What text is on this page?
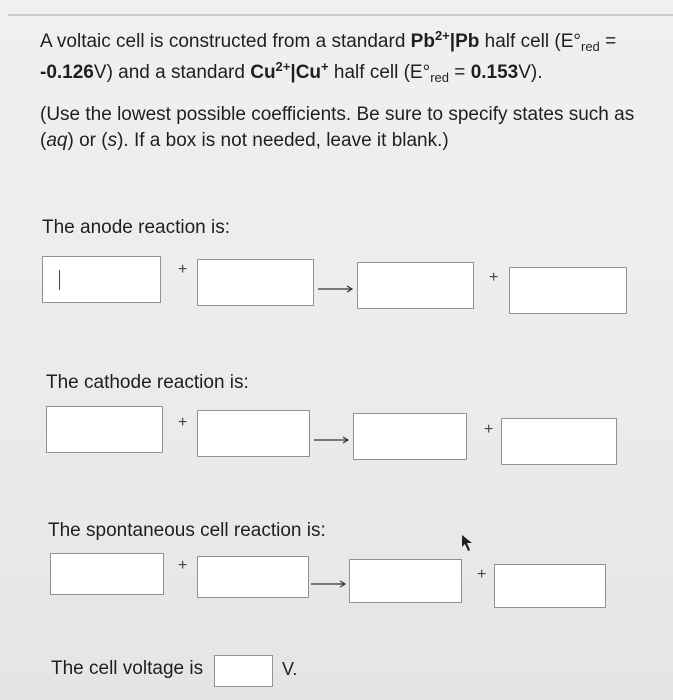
A voltaic cell is constructed from a standard $Pb^{2+}|Pb$ half cell $(E^\circ_{red} = -0.126V)$ and a standard $Cu^{2+}|Cu^+$ half cell $(E^\circ_{red} = 0.153V)$.

(Use the lowest possible coefficients. Be sure to specify states such as (aq) or (s). If a box is not needed, leave it blank.)

The anode reaction is:
+	+
The cathode reaction is:
+	+
The spontaneous cell reaction is:
+
+
The cell voltage is	V.
